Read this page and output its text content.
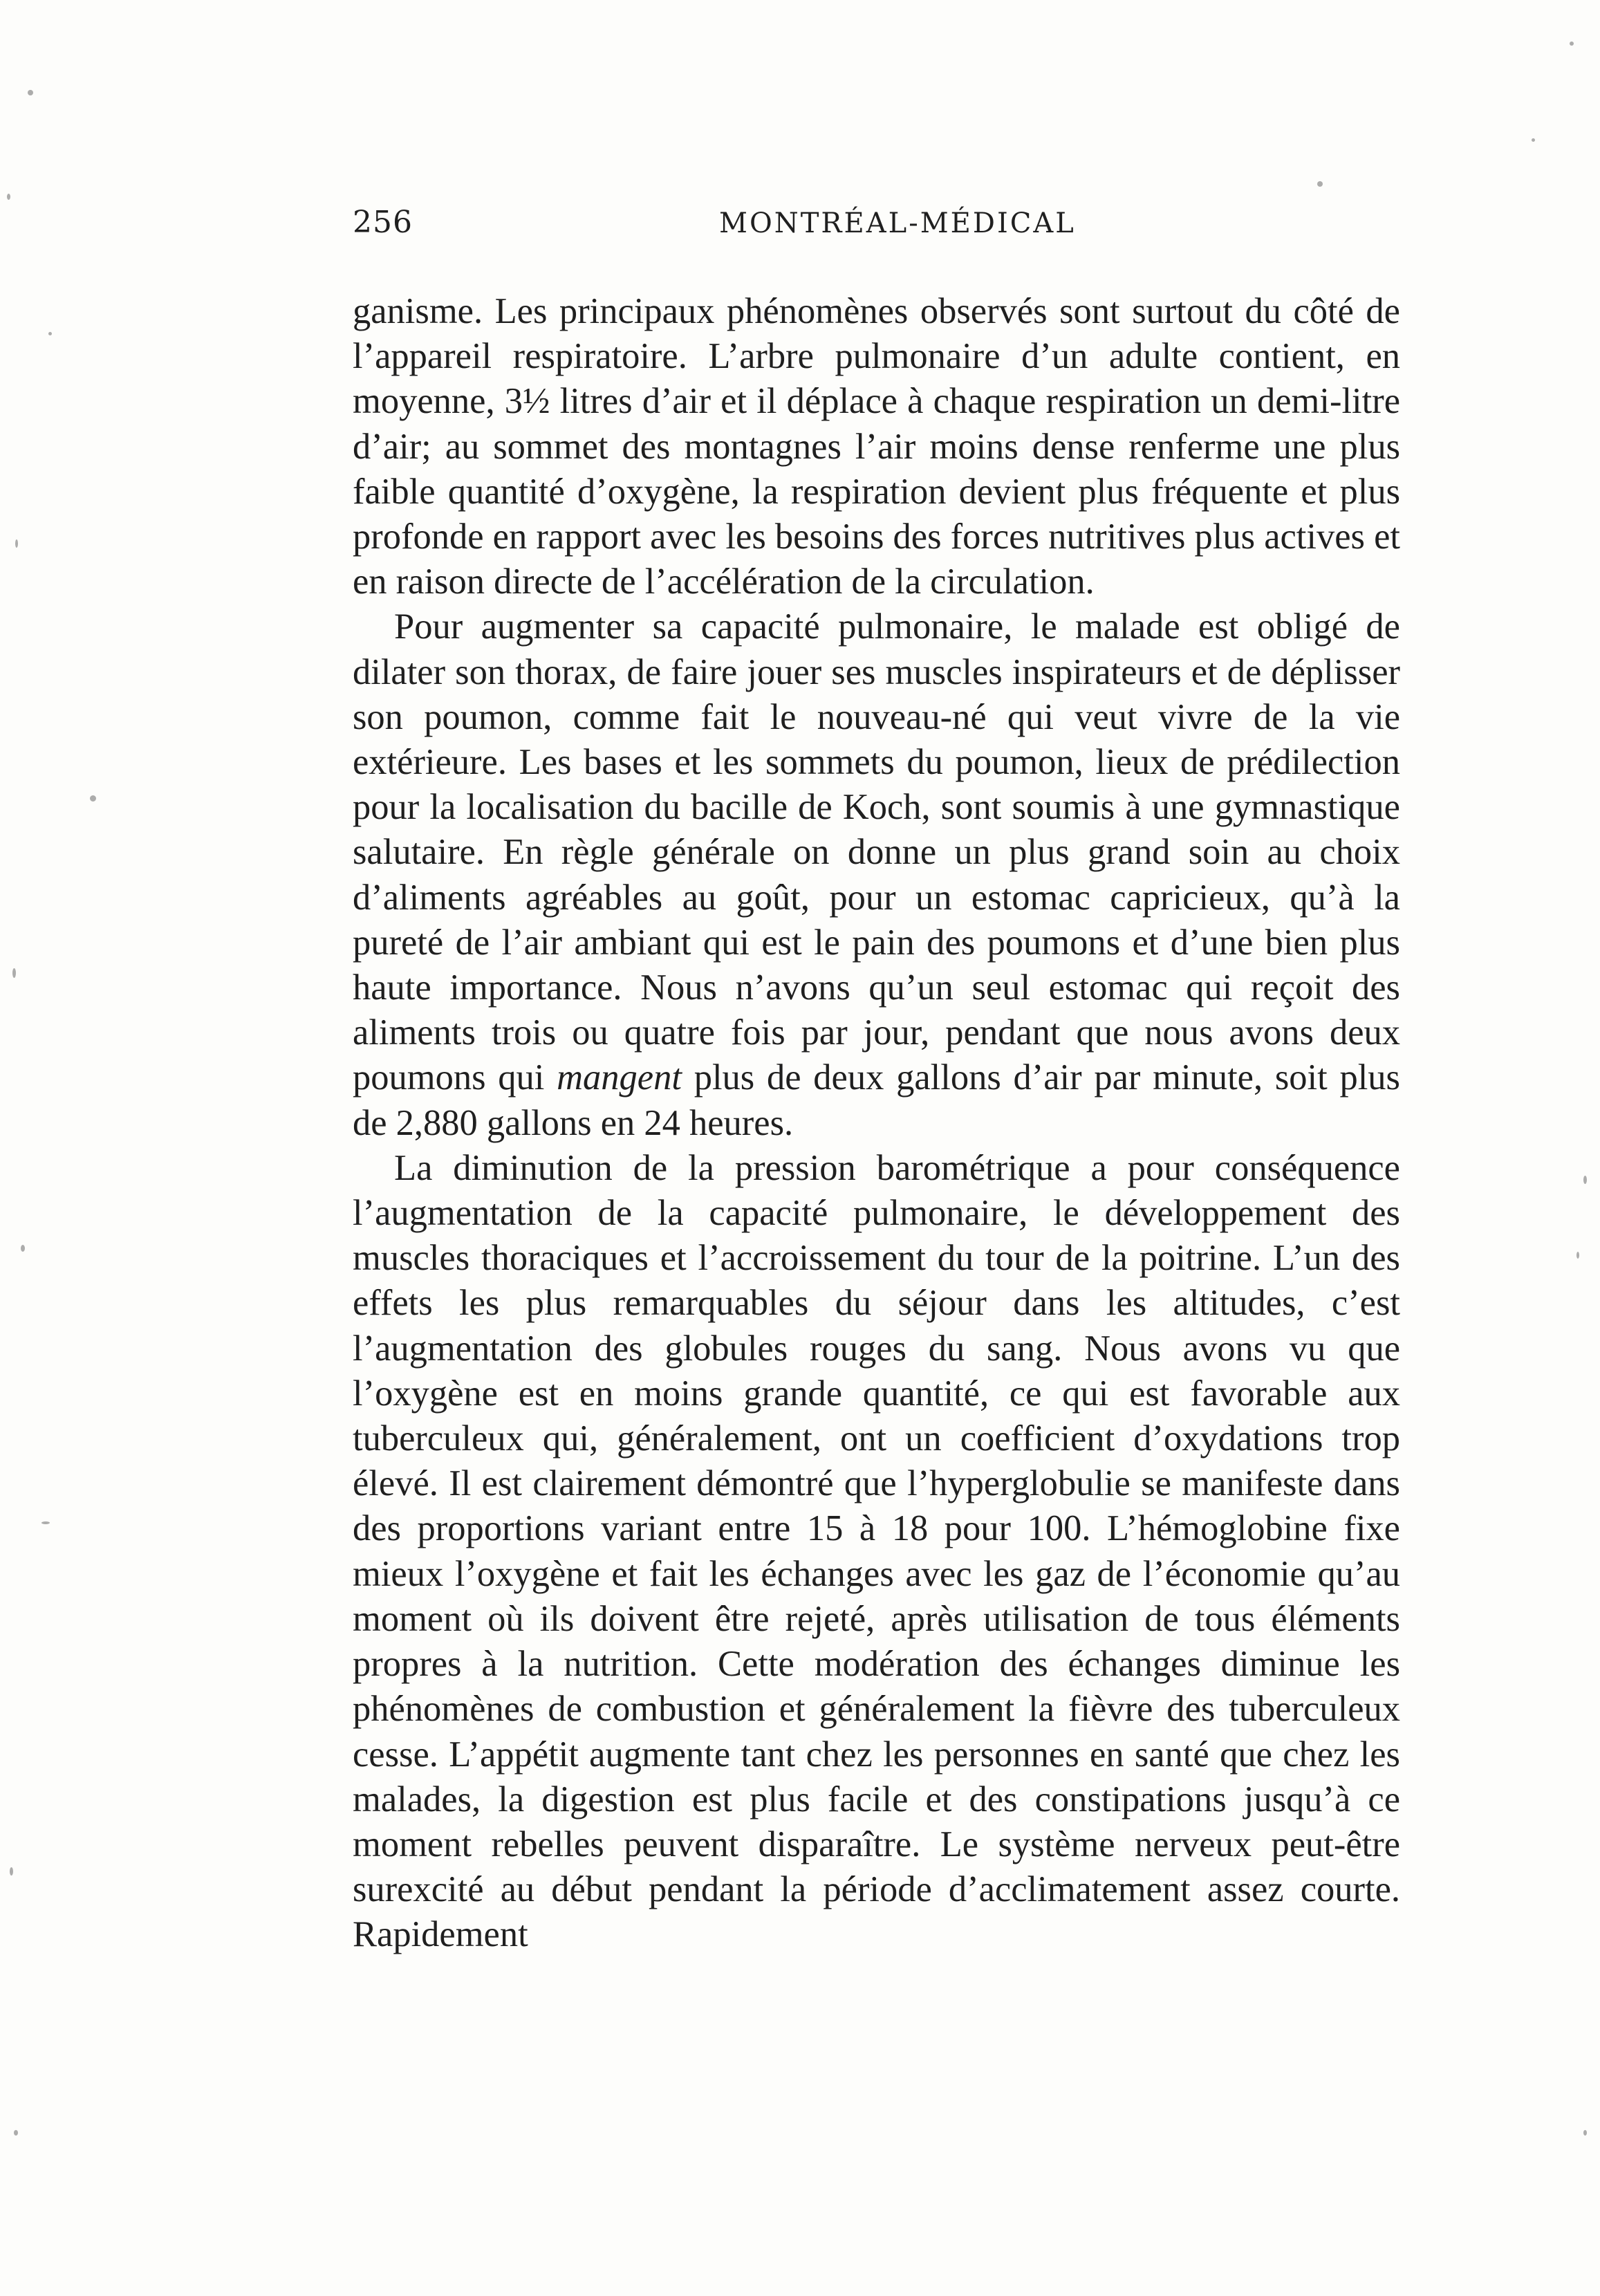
256	MONTRÉAL-MÉDICAL

ganisme. Les principaux phénomènes observés sont surtout du côté de l’appareil respiratoire. L’arbre pulmonaire d’un adulte contient, en moyenne, 3½ litres d’air et il déplace à chaque respiration un demi-litre d’air; au sommet des montagnes l’air moins dense renferme une plus faible quantité d’oxygène, la respiration devient plus fréquente et plus profonde en rapport avec les besoins des forces nutritives plus actives et en raison directe de l’accélération de la circulation.

Pour augmenter sa capacité pulmonaire, le malade est obligé de dilater son thorax, de faire jouer ses muscles inspirateurs et de déplisser son poumon, comme fait le nouveau-né qui veut vivre de la vie extérieure. Les bases et les sommets du poumon, lieux de prédilection pour la localisation du bacille de Koch, sont soumis à une gymnastique salutaire. En règle générale on donne un plus grand soin au choix d’aliments agréables au goût, pour un estomac capricieux, qu’à la pureté de l’air ambiant qui est le pain des poumons et d’une bien plus haute importance. Nous n’avons qu’un seul estomac qui reçoit des aliments trois ou quatre fois par jour, pendant que nous avons deux poumons qui mangent plus de deux gallons d’air par minute, soit plus de 2,880 gallons en 24 heures.

La diminution de la pression barométrique a pour conséquence l’augmentation de la capacité pulmonaire, le développement des muscles thoraciques et l’accroissement du tour de la poitrine. L’un des effets les plus remarquables du séjour dans les altitudes, c’est l’augmentation des globules rouges du sang. Nous avons vu que l’oxygène est en moins grande quantité, ce qui est favorable aux tuberculeux qui, généralement, ont un coefficient d’oxydations trop élevé. Il est clairement démontré que l’hyperglobulie se manifeste dans des proportions variant entre 15 à 18 pour 100. L’hémoglobine fixe mieux l’oxygène et fait les échanges avec les gaz de l’économie qu’au moment où ils doivent être rejeté, après utilisation de tous éléments propres à la nutrition. Cette modération des échanges diminue les phénomènes de combustion et généralement la fièvre des tuberculeux cesse. L’appétit augmente tant chez les personnes en santé que chez les malades, la digestion est plus facile et des constipations jusqu’à ce moment rebelles peuvent disparaître. Le système nerveux peut-être surexcité au début pendant la période d’acclimatement assez courte. Rapidement
